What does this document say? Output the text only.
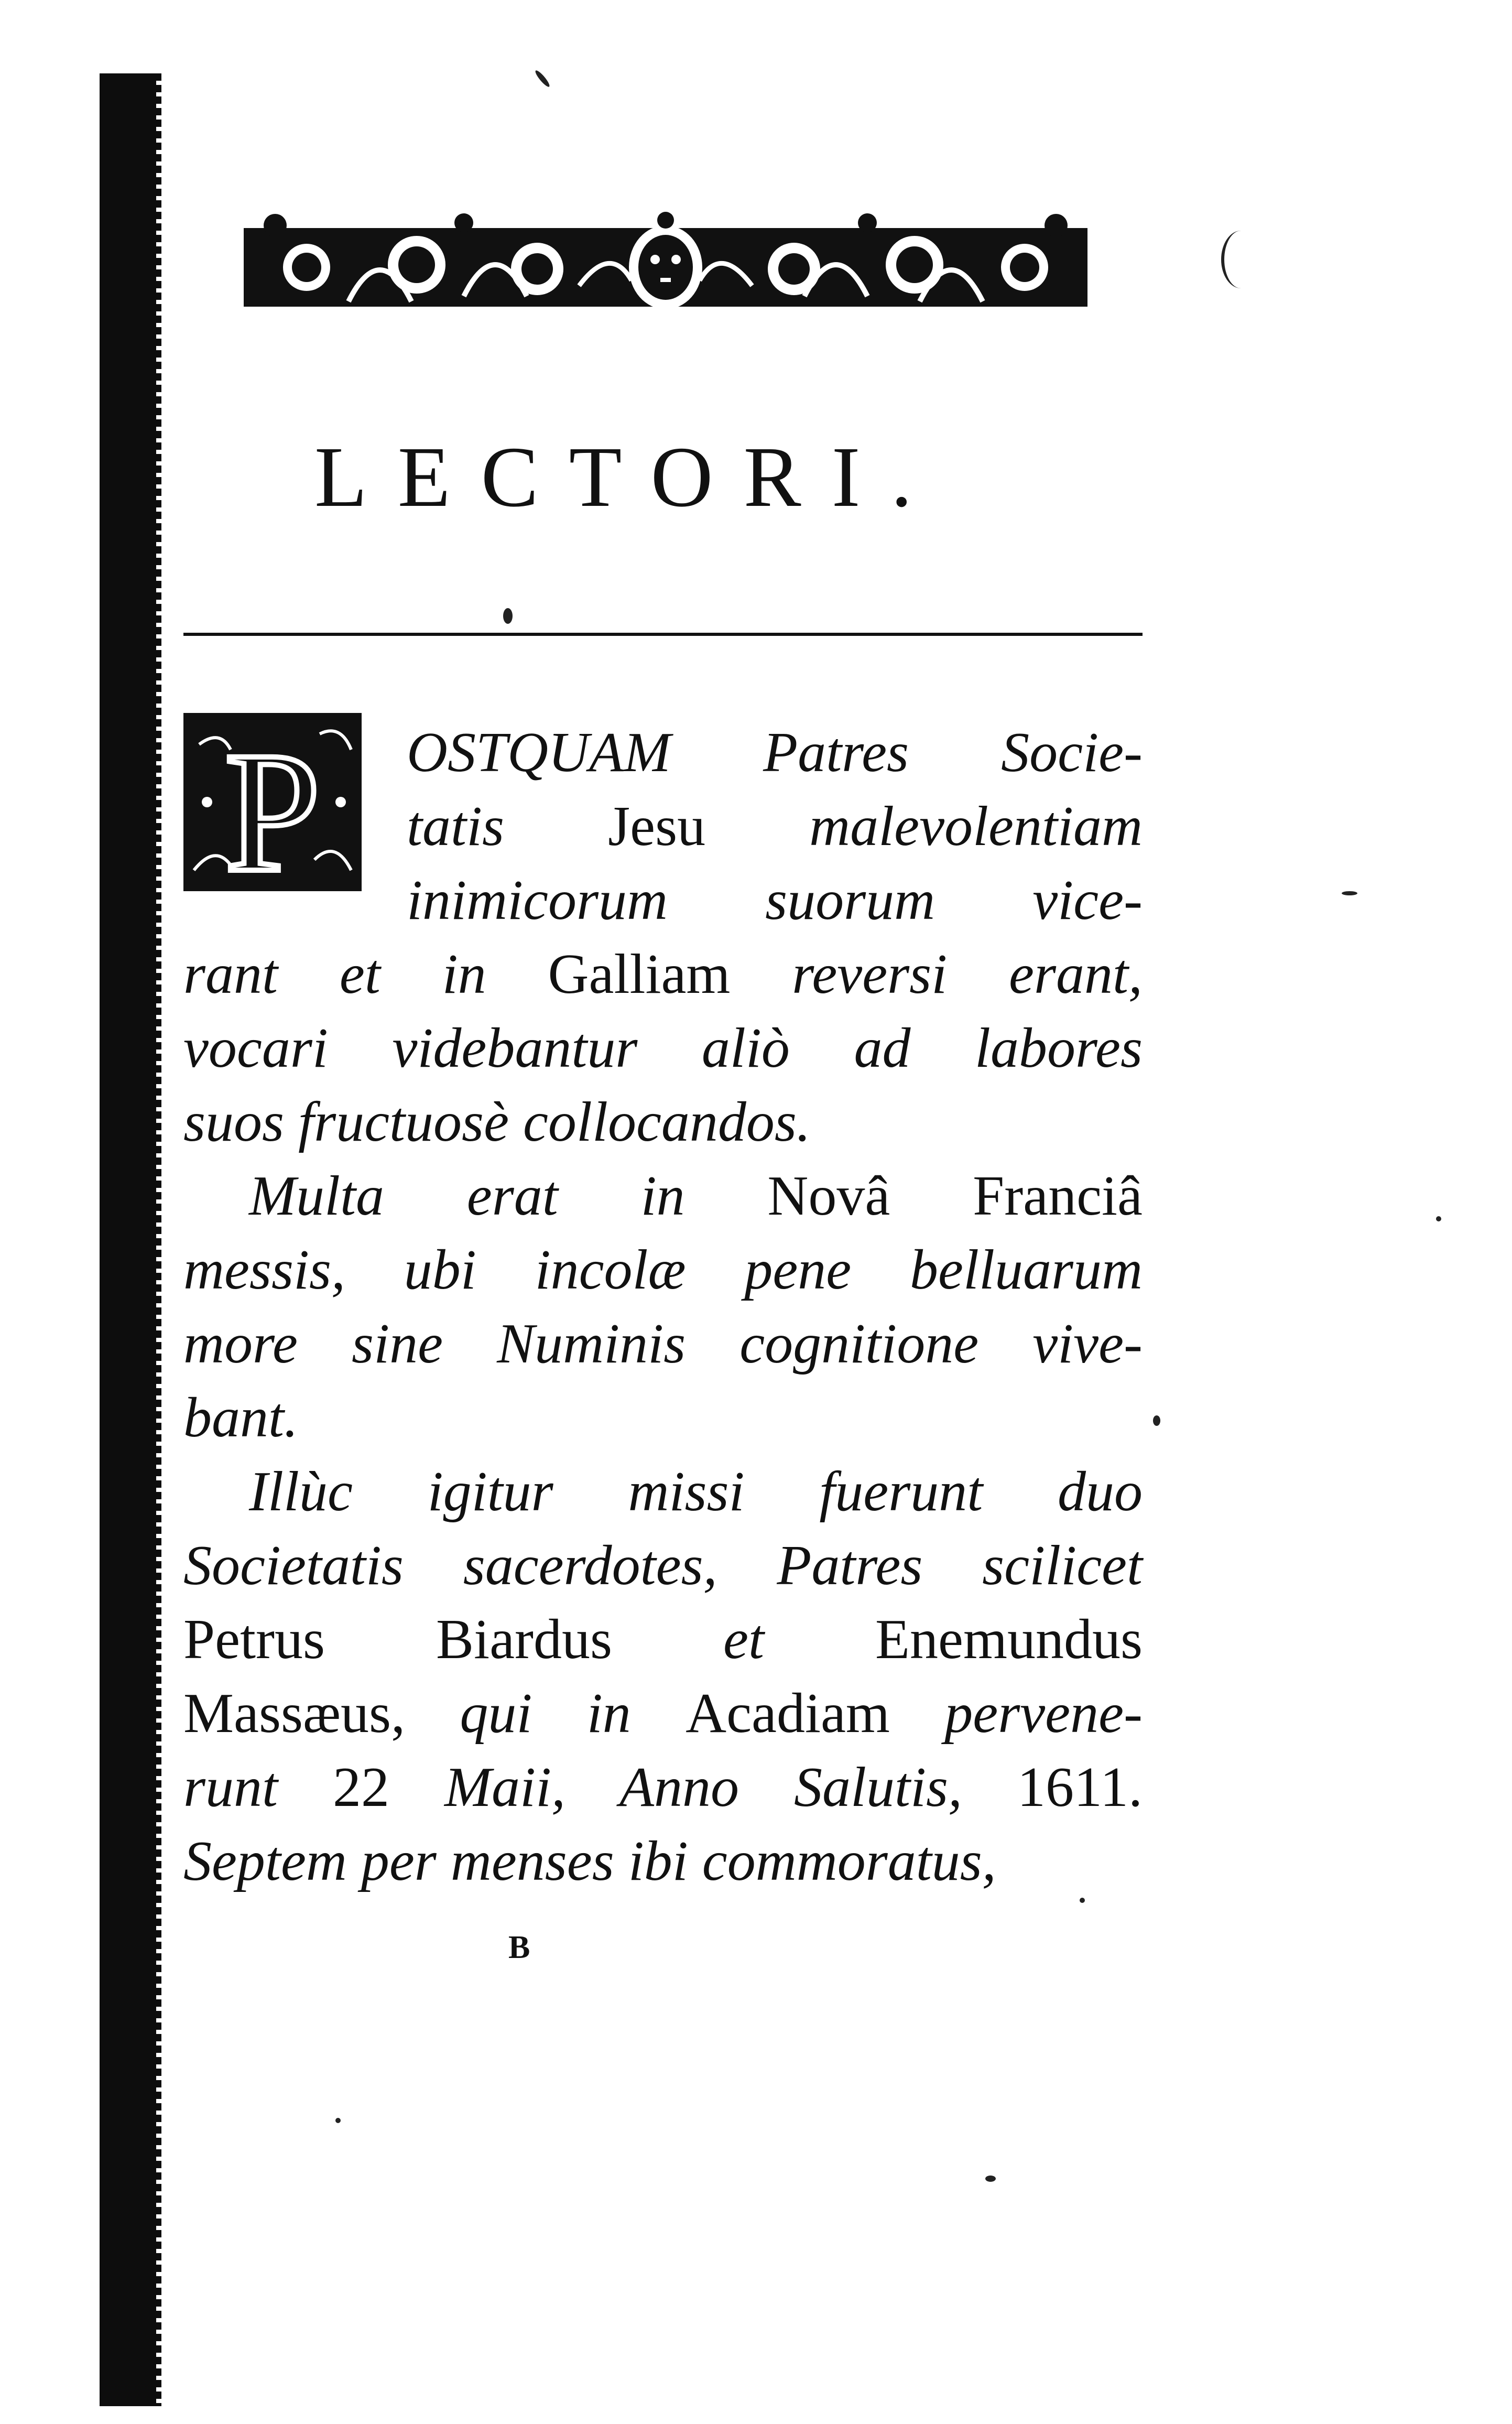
LECTORI.
P	OSTQUAM Patres Socie-
tatis Jesu malevolentiam
inimicorum suorum vice-
rant et in Galliam reversi erant,
vocari videbantur aliò ad labores
suos fructuosè collocandos.
Multa erat in Novâ Franciâ
messis, ubi incolæ pene belluarum
more sine Numinis cognitione vive-
bant.
Illùc igitur missi fuerunt duo
Societatis sacerdotes, Patres scilicet
Petrus Biardus et Enemundus
Massæus, qui in Acadiam pervene-
runt 22 Maii, Anno Salutis, 1611.
Septem per menses ibi commoratus,
B
